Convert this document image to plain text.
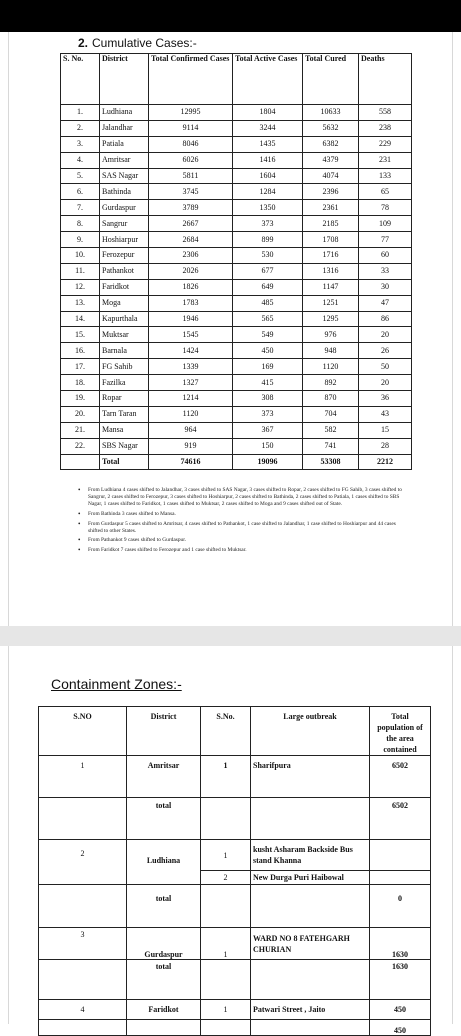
2. Cumulative Cases:-
S. No.	District	Total Confirmed Cases	Total Active Cases	Total Cured	Deaths
1.	Ludhiana	12995	1804	10633	558
2.	Jalandhar	9114	3244	5632	238
3.	Patiala	8046	1435	6382	229
4.	Amritsar	6026	1416	4379	231
5.	SAS Nagar	5811	1604	4074	133
6.	Bathinda	3745	1284	2396	65
7.	Gurdaspur	3789	1350	2361	78
8.	Sangrur	2667	373	2185	109
9.	Hoshiarpur	2684	899	1708	77
10.	Ferozepur	2306	530	1716	60
11.	Pathankot	2026	677	1316	33
12.	Faridkot	1826	649	1147	30
13.	Moga	1783	485	1251	47
14.	Kapurthala	1946	565	1295	86
15.	Muktsar	1545	549	976	20
16.	Barnala	1424	450	948	26
17.	FG Sahib	1339	169	1120	50
18.	Fazilka	1327	415	892	20
19.	Ropar	1214	308	870	36
20.	Tarn Taran	1120	373	704	43
21.	Mansa	964	367	582	15
22.	SBS Nagar	919	150	741	28
	Total	74616	19096	53308	2212
• From Ludhiana 4 cases shifted to Jalandhar, 3 cases shifted to SAS Nagar, 3 cases shifted to Ropar, 2 cases shifted to FG Sahib, 3 cases shifted to Sangrur, 2 cases shifted to Ferozepur, 3 cases shifted to Hoshiarpur, 2 cases shifted to Bathinda, 2 cases shifted to Patiala, 1 cases shifted to SBS Nagar, 1 cases shifted to Faridkot, 1 cases shifted to Muktsar, 2 cases shifted to Moga and 9 cases shifted out of State.
• From Bathinda 3 cases shifted to Mansa.
• From Gurdaspur 5 cases shifted to Amritsar, 4 cases shifted to Pathankot, 1 case shifted to Jalandhar, 1 case shifted to Hoshiarpur and 44 cases shifted to other States.
• From Pathankot 9 cases shifted to Gurdaspur.
• From Faridkot 7 cases shifted to Ferozepur and 1 case shifted to Muktsar.
Containment Zones:-
S.NO	District	S.No.	Large outbreak	Total population of the area contained
1	Amritsar	1	Sharifpura	6502
	total			6502
2	Ludhiana	1	kusht Asharam Backside Bus stand Khanna	
		2	New Durga Puri Haibowal	
	total			0
3	Gurdaspur	1	WARD NO 8 FATEHGARH CHURIAN	1630
	total			1630
4	Faridkot	1	Patwari Street , Jaito	450
				450
